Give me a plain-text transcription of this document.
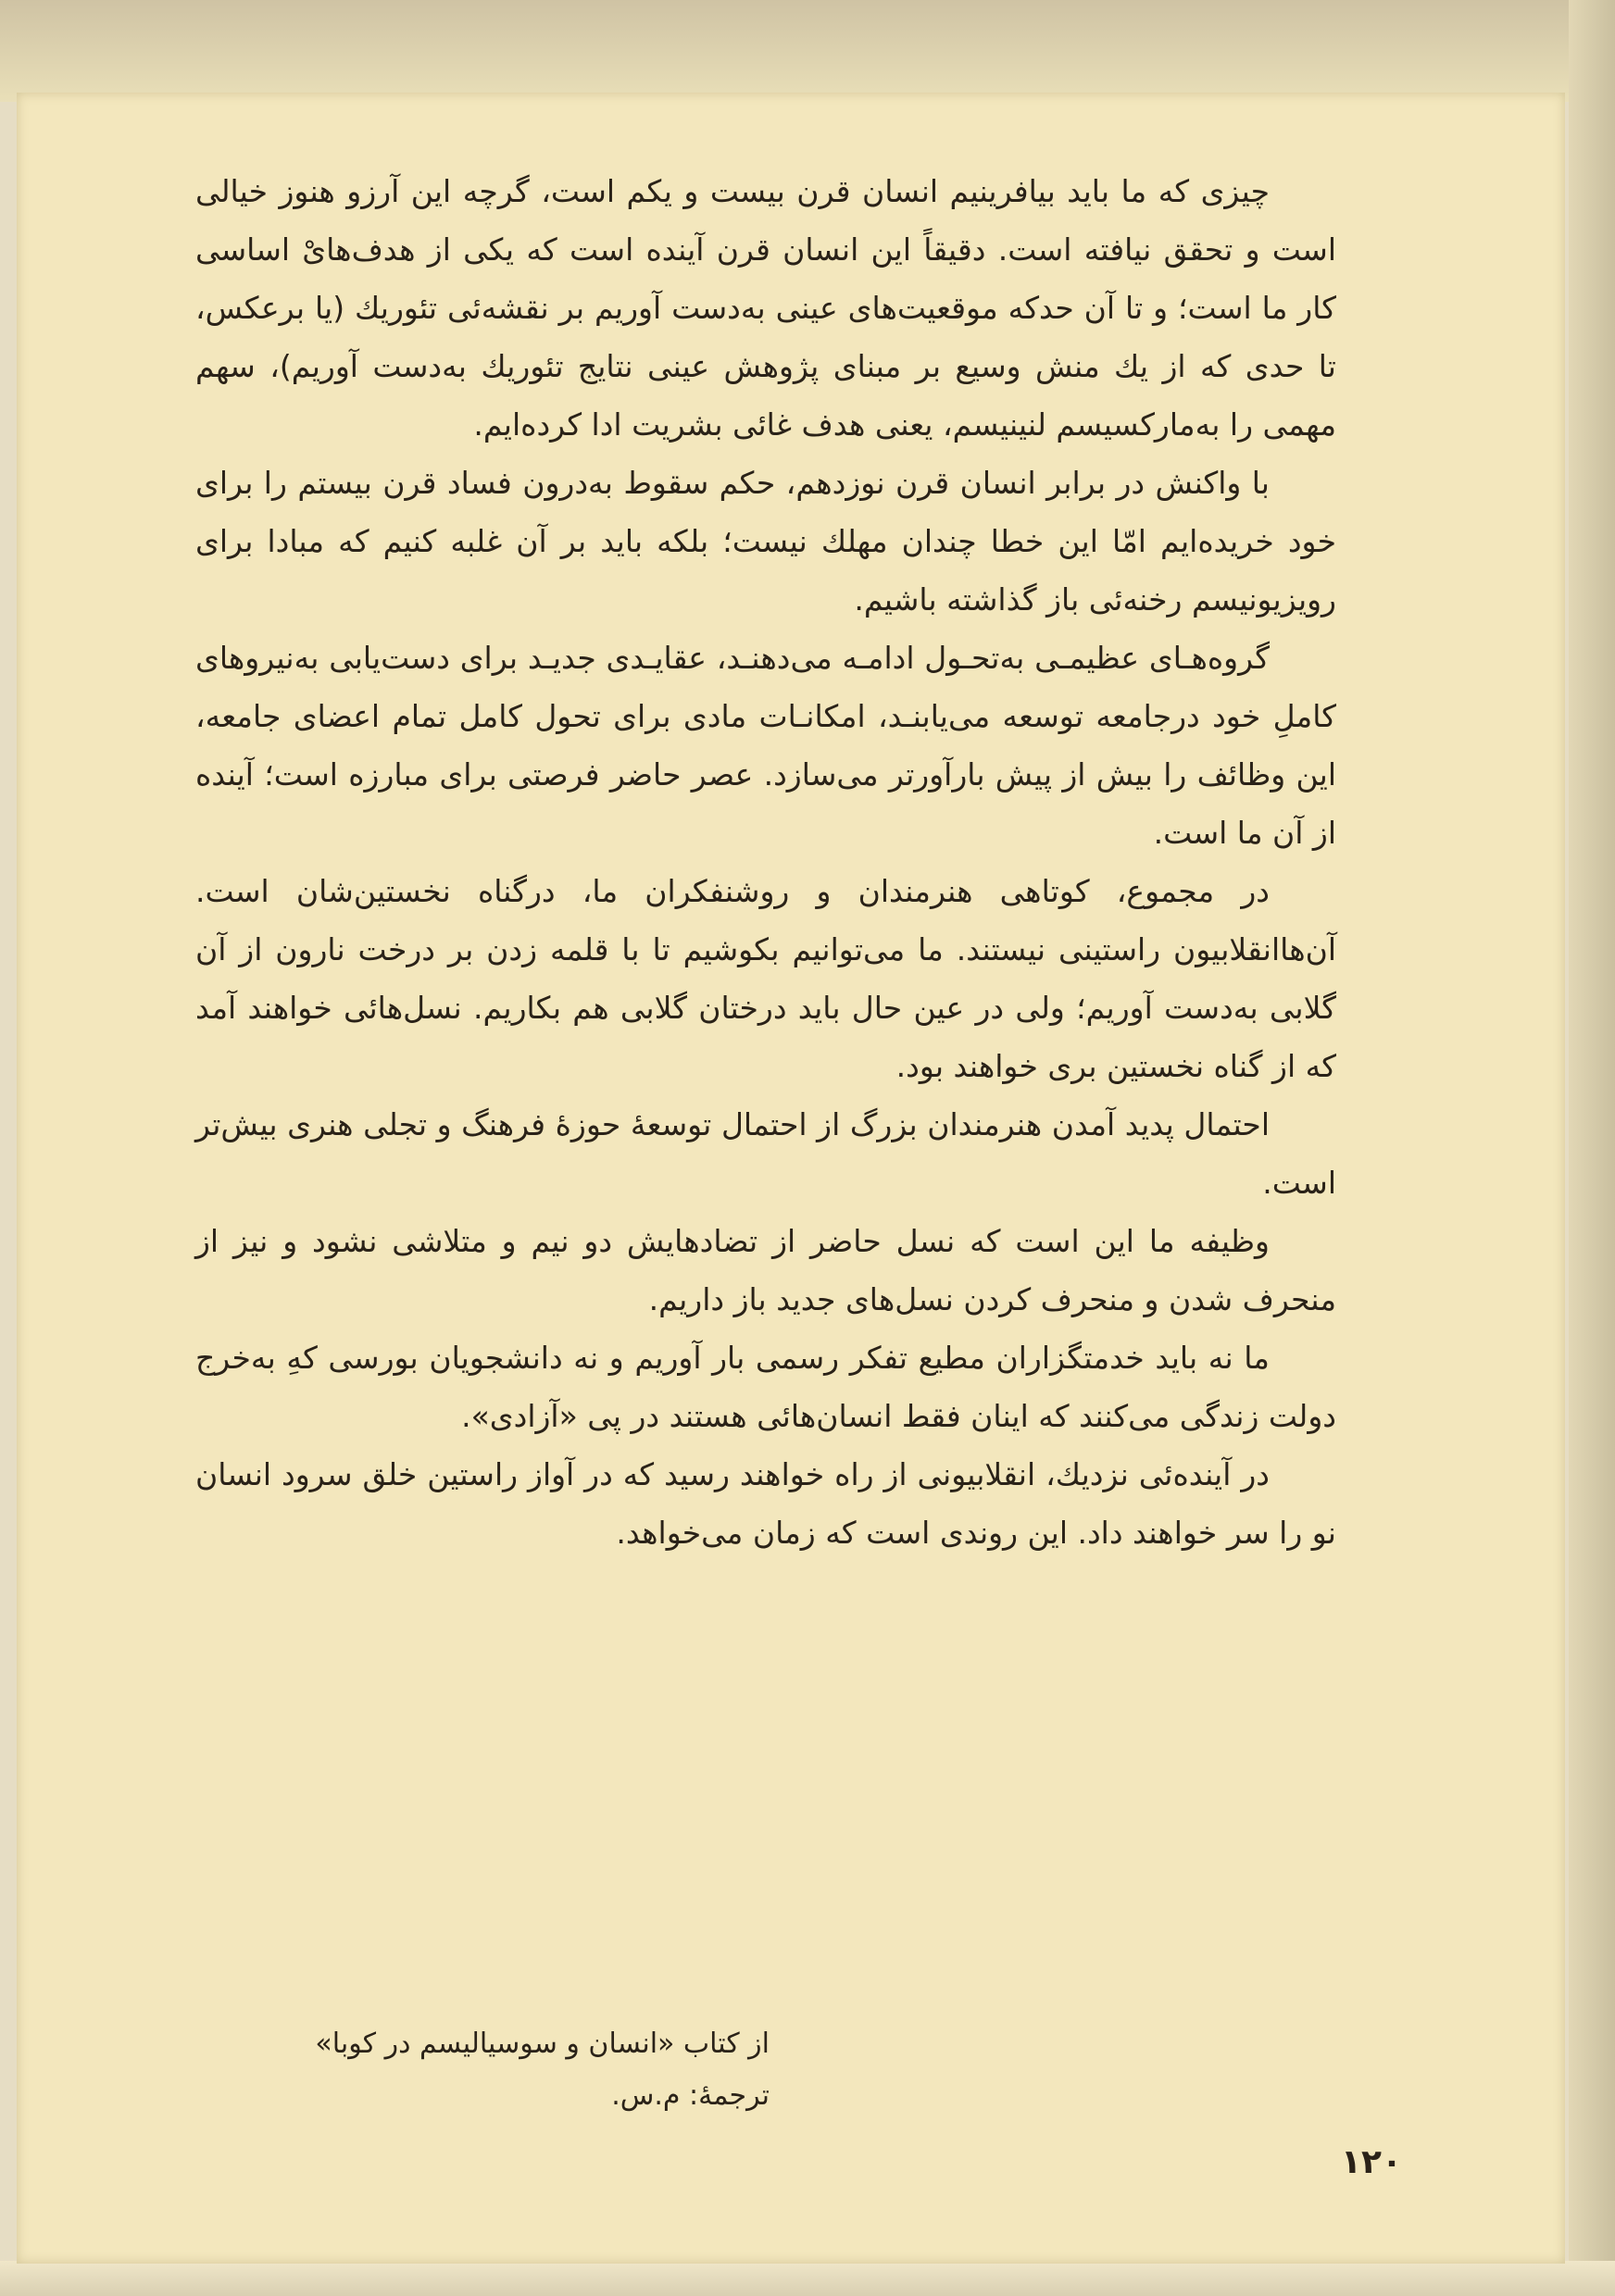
چیزی که ما باید بیافرینیم انسان قرن بیست و یکم است، گرچه این آرزو هنوز خیالی است و تحقق نیافته است. دقیقاً این انسان قرن آینده است که یکی از هدف‌هایْ اساسی کار ما است؛ و تا آن حدکه موقعیت‌های عینی به‌دست آوریم بر نقشه‌ئی تئوریك (یا برعکس، تا حدی که از یك منش وسیع بر مبنای پژوهش عینی نتایج تئوریك به‌دست آوریم)، سهم مهمی را به‌مارکسیسم لنینیسم، یعنی هدف غائی بشریت ادا کرده‌ایم.

با واکنش در برابر انسان قرن نوزدهم، حکم سقوط به‌درون فساد قرن بیستم را برای خود خریده‌ایم امّا این خطا چندان مهلك نیست؛ بلکه باید بر آن غلبه کنیم که مبادا برای رویزیونیسم رخنه‌ئی باز گذاشته باشیم.

گروه‌هـای عظیمـی به‌تحـول ادامـه می‌دهنـد، عقایـدی جدیـد برای دست‌یابی به‌نیروهای کاملِ خود درجامعه توسعه می‌یابنـد، امکانـات مادی برای تحول کامل تمام اعضای جامعه، این وظائف را بیش از پیش بارآورتر می‌سازد. عصر حاضر فرصتی برای مبارزه است؛ آینده از آن ما است.

در مجموع، کوتاهی هنرمندان و روشنفکران ما، درگناه نخستین‌شان است. آن‌هاانقلابیون راستینی نیستند. ما می‌توانیم بکوشیم تا با قلمه زدن بر درخت نارون از آن گلابی به‌دست آوریم؛ ولی در عین حال باید درختان گلابی هم بکاریم. نسل‌هائی خواهند آمد که از گناه نخستین بری خواهند بود.

احتمال پدید آمدن هنرمندان بزرگ از احتمال توسعهٔ حوزهٔ فرهنگ و تجلی هنری بیش‌تر است.

وظیفه ما این است که نسل حاضر از تضادهایش دو نیم و متلاشی نشود و نیز از منحرف شدن و منحرف کردن نسل‌های جدید باز داریم.

ما نه باید خدمتگزاران مطیع تفکر رسمی بار آوریم و نه دانشجویان بورسی کهِ به‌خرج دولت زندگی می‌کنند که اینان فقط انسان‌هائی هستند در پی «آزادی».

در آینده‌ئی نزدیك، انقلابیونی از راه خواهند رسید که در آواز راستین خلق سرود انسان نو را سر خواهند داد. این روندی است که زمان می‌خواهد.

از کتاب «انسان و سوسیالیسم در کوبا»
ترجمهٔ: م.س.
۱۲۰
